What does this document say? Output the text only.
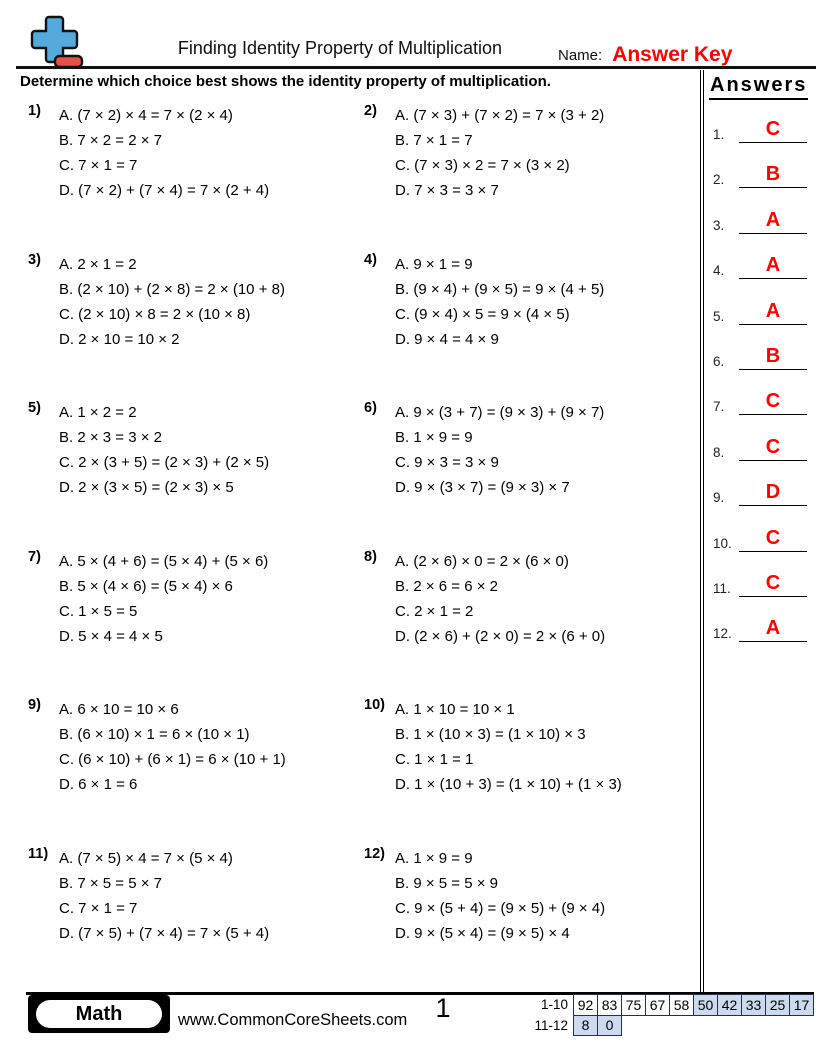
Finding Identity Property of Multiplication	Name: Answer Key
Determine which choice best shows the identity property of multiplication.
1)	A. (7 × 2) × 4 = 7 × (2 × 4)
B. 7 × 2 = 2 × 7
C. 7 × 1 = 7
D. (7 × 2) + (7 × 4) = 7 × (2 + 4)
2)	A. (7 × 3) + (7 × 2) = 7 × (3 + 2)
B. 7 × 1 = 7
C. (7 × 3) × 2 = 7 × (3 × 2)
D. 7 × 3 = 3 × 7
3)	A. 2 × 1 = 2
B. (2 × 10) + (2 × 8) = 2 × (10 + 8)
C. (2 × 10) × 8 = 2 × (10 × 8)
D. 2 × 10 = 10 × 2
4)	A. 9 × 1 = 9
B. (9 × 4) + (9 × 5) = 9 × (4 + 5)
C. (9 × 4) × 5 = 9 × (4 × 5)
D. 9 × 4 = 4 × 9
5)	A. 1 × 2 = 2
B. 2 × 3 = 3 × 2
C. 2 × (3 + 5) = (2 × 3) + (2 × 5)
D. 2 × (3 × 5) = (2 × 3) × 5
6)	A. 9 × (3 + 7) = (9 × 3) + (9 × 7)
B. 1 × 9 = 9
C. 9 × 3 = 3 × 9
D. 9 × (3 × 7) = (9 × 3) × 7
7)	A. 5 × (4 + 6) = (5 × 4) + (5 × 6)
B. 5 × (4 × 6) = (5 × 4) × 6
C. 1 × 5 = 5
D. 5 × 4 = 4 × 5
8)	A. (2 × 6) × 0 = 2 × (6 × 0)
B. 2 × 6 = 6 × 2
C. 2 × 1 = 2
D. (2 × 6) + (2 × 0) = 2 × (6 + 0)
9)	A. 6 × 10 = 10 × 6
B. (6 × 10) × 1 = 6 × (10 × 1)
C. (6 × 10) + (6 × 1) = 6 × (10 + 1)
D. 6 × 1 = 6
10) A. 1 × 10 = 10 × 1
B. 1 × (10 × 3) = (1 × 10) × 3
C. 1 × 1 = 1
D. 1 × (10 + 3) = (1 × 10) + (1 × 3)
11) A. (7 × 5) × 4 = 7 × (5 × 4)
B. 7 × 5 = 5 × 7
C. 7 × 1 = 7
D. (7 × 5) + (7 × 4) = 7 × (5 + 4)
12) A. 1 × 9 = 9
B. 9 × 5 = 5 × 9
C. 9 × (5 + 4) = (9 × 5) + (9 × 4)
D. 9 × (5 × 4) = (9 × 5) × 4
Answers
1.	C
2.	B
3.	A
4.	A
5.	A
6.	B
7.	C
8.	C
9.	D
10.	C
11.	C
12.	A
Math	www.CommonCoreSheets.com	1	1-10	92	83	75	67	58	50	42	33	25	17
11-12	8	0								
